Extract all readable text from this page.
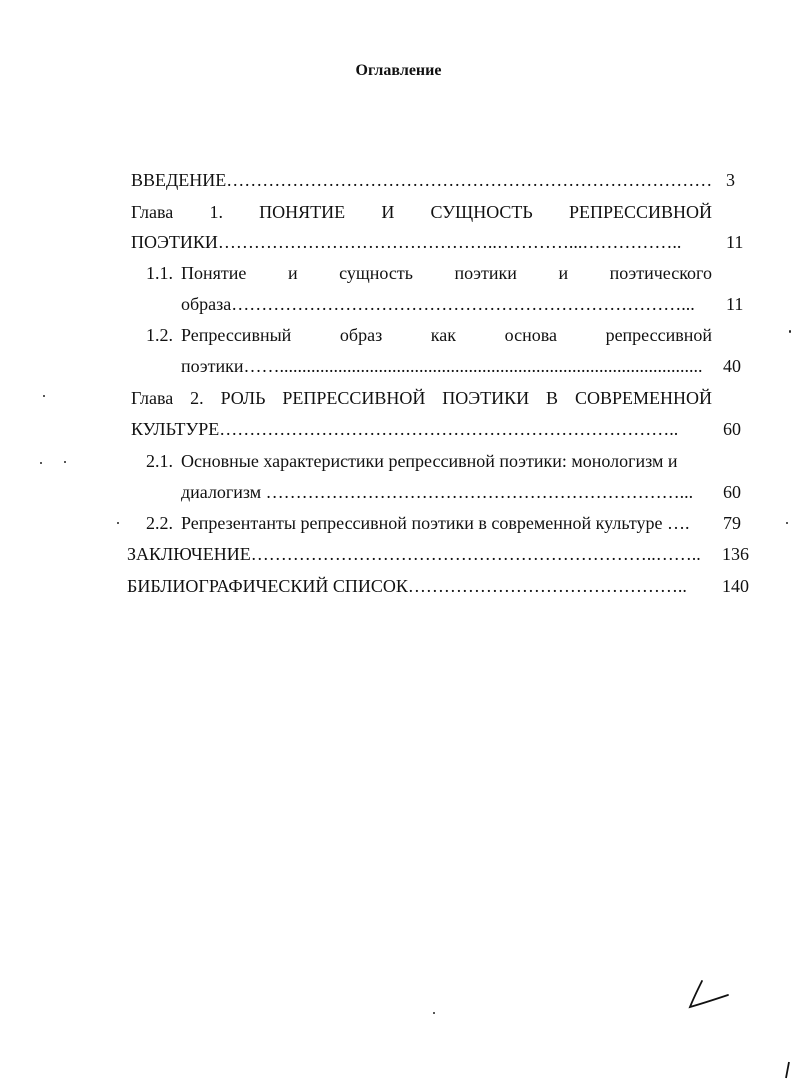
Оглавление
ВВЕДЕНИЕ……………………………………………………………………… 3
Глава 1. ПОНЯТИЕ И СУЩНОСТЬ РЕПРЕССИВНОЙ
ПОЭТИКИ………………………………………..…………...…………….. 11
1.1. Понятие и сущность поэтики и поэтического
образа…………………………………………………………………... 11
1.2. Репрессивный	образ	как	основа	репрессивной
поэтики……..............................................................................................	40
Глава 2. РОЛЬ РЕПРЕССИВНОЙ ПОЭТИКИ В СОВРЕМЕННОЙ
КУЛЬТУРЕ………………………………………………………………….. 60
2.1. Основные характеристики репрессивной поэтики: монологизм и
диалогизм ……………………………………………………………... 60
2.2. Репрезентанты репрессивной поэтики в современной культуре …. 79
ЗАКЛЮЧЕНИЕ…………………………………………………………..…….. 136
БИБЛИОГРАФИЧЕСКИЙ СПИСОК……………………………………….. 140
